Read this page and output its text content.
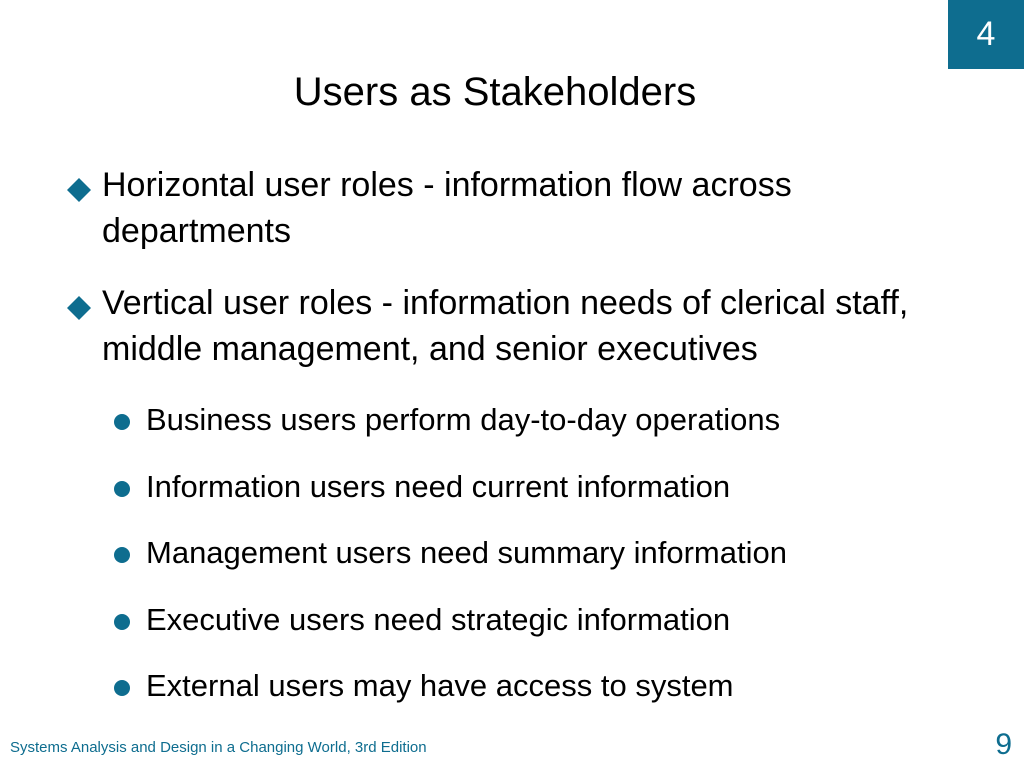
4
Users as Stakeholders
Horizontal user roles - information flow across departments
Vertical user roles - information needs of clerical staff, middle management, and senior executives
Business users perform day-to-day operations
Information users need current information
Management users need summary information
Executive users need strategic information
External users may have access to system
Systems Analysis and Design in a Changing World, 3rd Edition	9
